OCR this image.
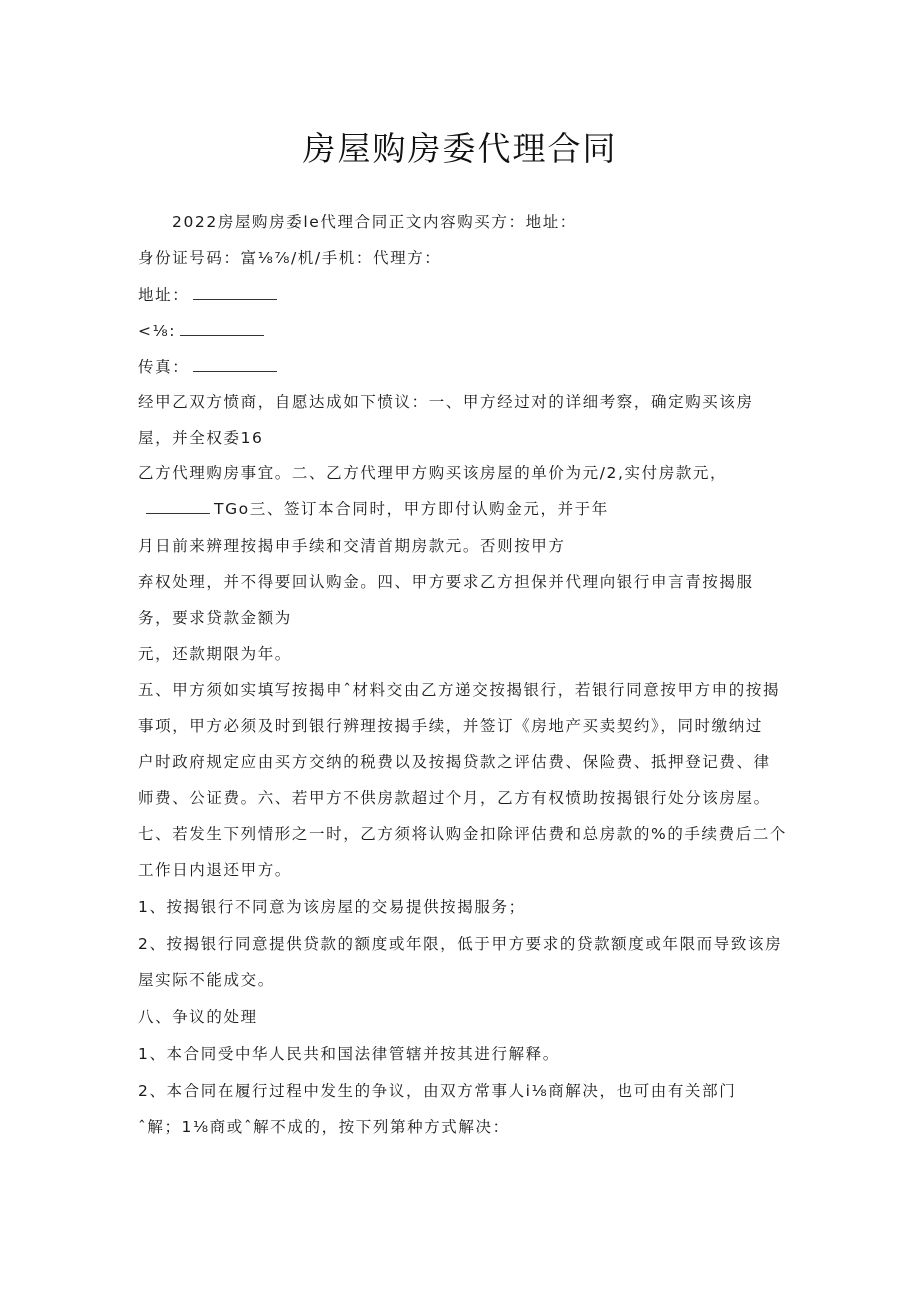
房屋购房委代理合同
2022房屋购房委le代理合同正文内容购买方：地址：
身份证号码：富⅛⅞/机/手机：代理方：
地址：
<⅛:
传真：
经甲乙双方愤商，自愿达成如下愤议：一、甲方经过对的详细考察，确定购买该房
屋，并全权委16
乙方代理购房事宜。二、乙方代理甲方购买该房屋的单价为元/2,实付房款元，
TGo三、签订本合同时，甲方即付认购金元，并于年
月日前来辨理按揭申手续和交清首期房款元。否则按甲方
弃权处理，并不得要回认购金。四、甲方要求乙方担保并代理向银行申言青按揭服
务，要求贷款金额为
元，还款期限为年。
五、甲方须如实填写按揭申ˆ材料交由乙方递交按揭银行，若银行同意按甲方申的按揭
事项，甲方必须及时到银行辨理按揭手续，并签订《房地产买卖契约》，同时缴纳过
户时政府规定应由买方交纳的税费以及按揭贷款之评估费、保险费、抵押登记费、律
师费、公证费。六、若甲方不供房款超过个月，乙方有权愤助按揭银行处分该房屋。
七、若发生下列情形之一时，乙方须将认购金扣除评估费和总房款的%的手续费后二个
工作日内退还甲方。
1、按揭银行不同意为该房屋的交易提供按揭服务；
2、按揭银行同意提供贷款的额度或年限，低于甲方要求的贷款额度或年限而导致该房
屋实际不能成交。
八、争议的处理
1、本合同受中华人民共和国法律管辖并按其进行解释。
2、本合同在履行过程中发生的争议，由双方常事人i⅛商解决，也可由有关部门
ˆ解；1⅛商或ˆ解不成的，按下列第种方式解决：
